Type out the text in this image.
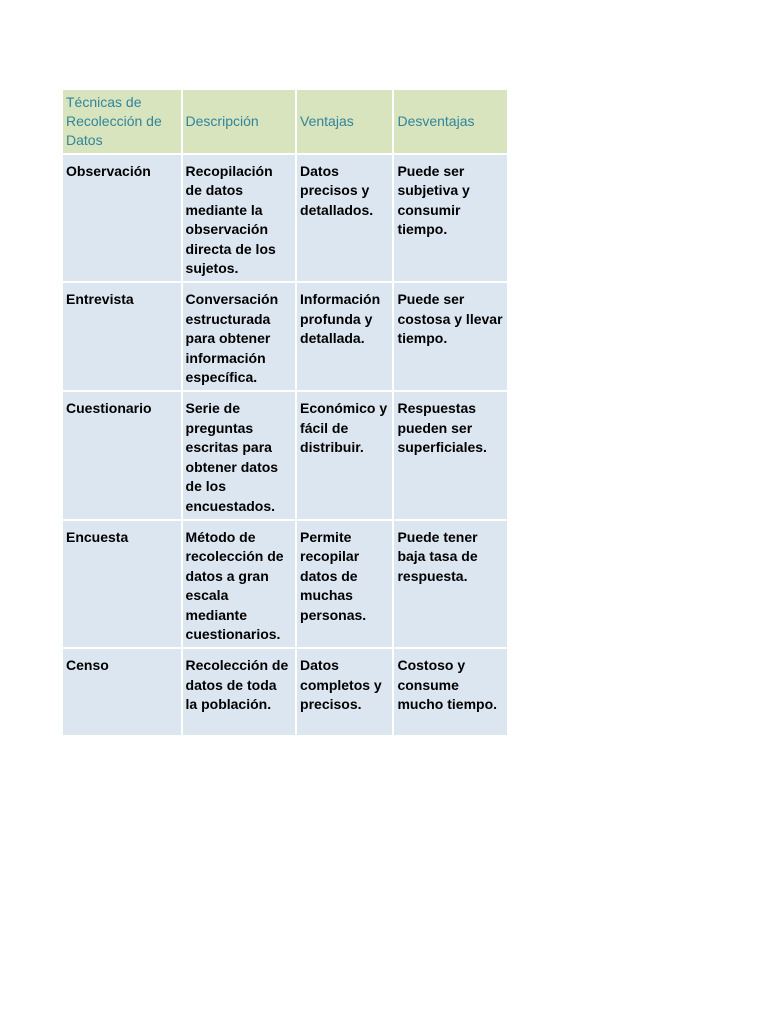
Técnicas de Recolección de Datos	Descripción	Ventajas	Desventajas
Observación	Recopilación de datos mediante la observación directa de los sujetos.	Datos precisos y detallados.	Puede ser subjetiva y consumir tiempo.
Entrevista	Conversación estructurada para obtener información específica.	Información profunda y detallada.	Puede ser costosa y llevar tiempo.
Cuestionario	Serie de preguntas escritas para obtener datos de los encuestados.	Económico y fácil de distribuir.	Respuestas pueden ser superficiales.
Encuesta	Método de recolección de datos a gran escala mediante cuestionarios.	Permite recopilar datos de muchas personas.	Puede tener baja tasa de respuesta.
Censo	Recolección de datos de toda la población.	Datos completos y precisos.	Costoso y consume mucho tiempo.
